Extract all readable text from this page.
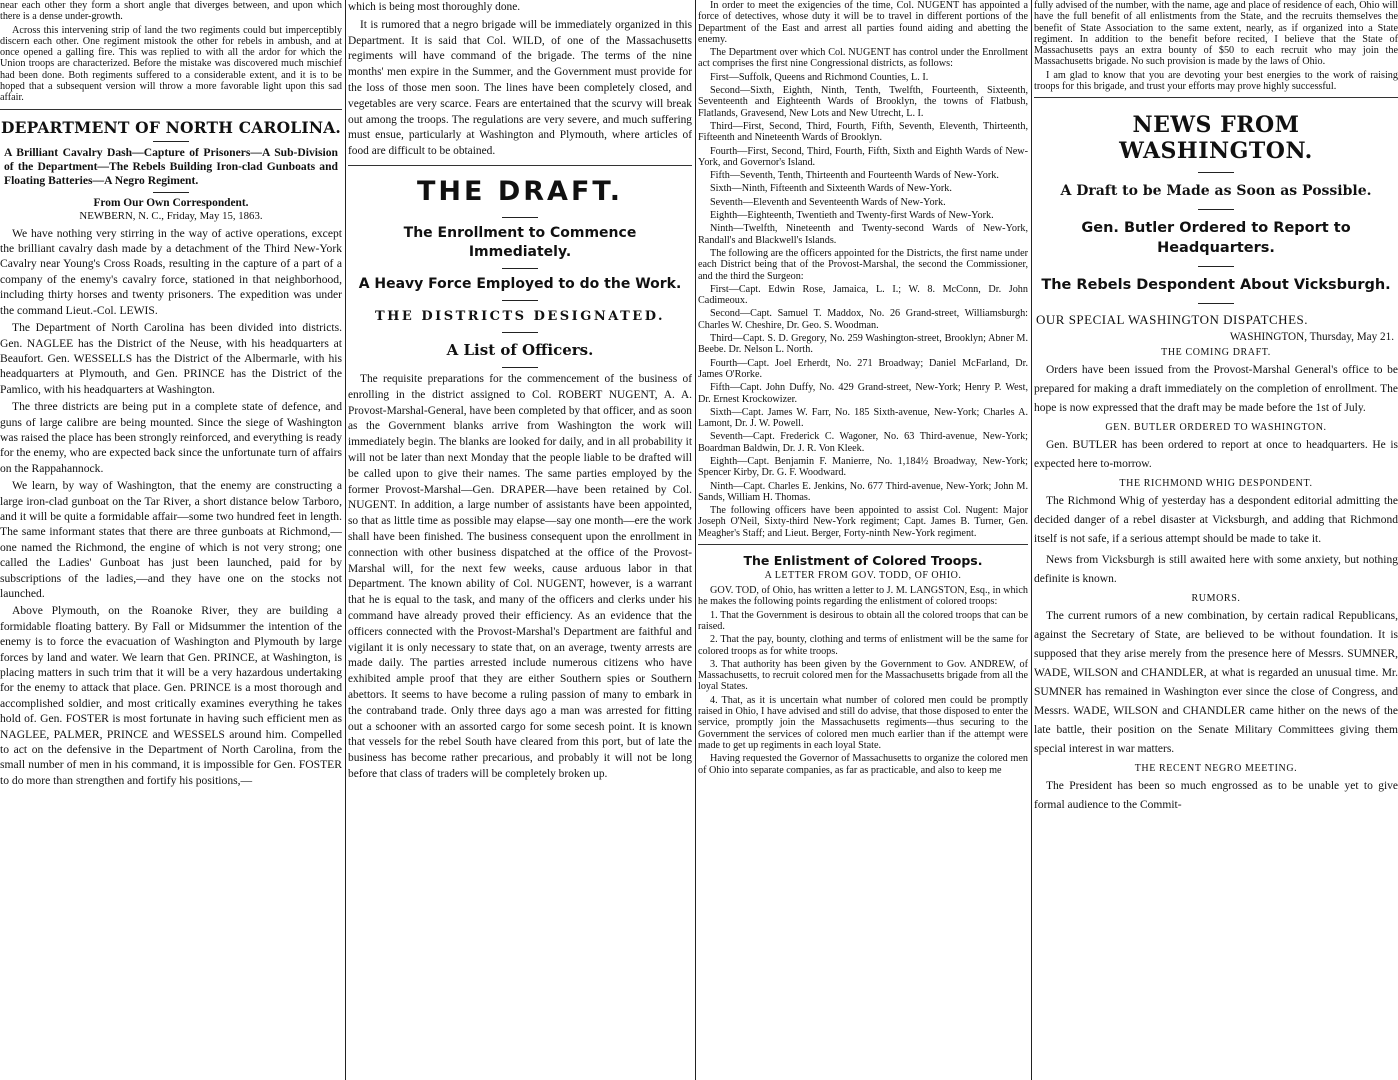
near each other they form a short angle that diverges between, and upon which there is a dense under-growth.

Across this intervening strip of land the two regiments could but imperceptibly discern each other. One regiment mistook the other for rebels in ambush, and at once opened a galling fire. This was replied to with all the ardor for which the Union troops are characterized. Before the mistake was discovered much mischief had been done. Both regiments suffered to a considerable extent, and it is to be hoped that a subsequent version will throw a more favorable light upon this sad affair.

DEPARTMENT OF NORTH CAROLINA.
A Brilliant Cavalry Dash—Capture of Prisoners—A Sub-Division of the Department—The Rebels Building Iron-clad Gunboats and Floating Batteries—A Negro Regiment.
From Our Own Correspondent.
NEWBERN, N. C., Friday, May 15, 1863.

We have nothing very stirring in the way of active operations, except the brilliant cavalry dash made by a detachment of the Third New-York Cavalry near Young's Cross Roads, resulting in the capture of a part of a company of the enemy's cavalry force, stationed in that neighborhood, including thirty horses and twenty prisoners. The expedition was under the command Lieut.-Col. LEWIS.

The Department of North Carolina has been divided into districts. Gen. NAGLEE has the District of the Neuse, with his headquarters at Beaufort. Gen. WESSELLS has the District of the Albermarle, with his headquarters at Plymouth, and Gen. PRINCE has the District of the Pamlico, with his headquarters at Washington.

The three districts are being put in a complete state of defence, and guns of large calibre are being mounted. Since the siege of Washington was raised the place has been strongly reinforced, and everything is ready for the enemy, who are expected back since the unfortunate turn of affairs on the Rappahannock.

We learn, by way of Washington, that the enemy are constructing a large iron-clad gunboat on the Tar River, a short distance below Tarboro, and it will be quite a formidable affair—some two hundred feet in length. The same informant states that there are three gunboats at Richmond,—one named the Richmond, the engine of which is not very strong; one called the Ladies' Gunboat has just been launched, paid for by subscriptions of the ladies,—and they have one on the stocks not launched.

Above Plymouth, on the Roanoke River, they are building a formidable floating battery. By Fall or Midsummer the intention of the enemy is to force the evacuation of Washington and Plymouth by large forces by land and water. We learn that Gen. PRINCE, at Washington, is placing matters in such trim that it will be a very hazardous undertaking for the enemy to attack that place. Gen. PRINCE is a most thorough and accomplished soldier, and most critically examines everything he takes hold of. Gen. FOSTER is most fortunate in having such efficient men as NAGLEE, PALMER, PRINCE and WESSELS around him. Compelled to act on the defensive in the Department of North Carolina, from the small number of men in his command, it is impossible for Gen. FOSTER to do more than strengthen and fortify his positions,—

which is being most thoroughly done.

It is rumored that a negro brigade will be immediately organized in this Department. It is said that Col. WILD, of one of the Massachusetts regiments will have command of the brigade. The terms of the nine months' men expire in the Summer, and the Government must provide for the loss of those men soon. The lines have been completely closed, and vegetables are very scarce. Fears are entertained that the scurvy will break out among the troops. The regulations are very severe, and much suffering must ensue, particularly at Washington and Plymouth, where articles of food are difficult to be obtained.

THE DRAFT.
The Enrollment to Commence Immediately.
A Heavy Force Employed to do the Work.
THE DISTRICTS DESIGNATED.
A List of Officers.

The requisite preparations for the commencement of the business of enrolling in the district assigned to Col. ROBERT NUGENT, A. A. Provost-Marshal-General, have been completed by that officer, and as soon as the Government blanks arrive from Washington the work will immediately begin. The blanks are looked for daily, and in all probability it will not be later than next Monday that the people liable to be drafted will be called upon to give their names. The same parties employed by the former Provost-Marshal—Gen. DRAPER—have been retained by Col. NUGENT. In addition, a large number of assistants have been appointed, so that as little time as possible may elapse—say one month—ere the work shall have been finished. The business consequent upon the enrollment in connection with other business dispatched at the office of the Provost-Marshal will, for the next few weeks, cause arduous labor in that Department. The known ability of Col. NUGENT, however, is a warrant that he is equal to the task, and many of the officers and clerks under his command have already proved their efficiency. As an evidence that the officers connected with the Provost-Marshal's Department are faithful and vigilant it is only necessary to state that, on an average, twenty arrests are made daily. The parties arrested include numerous citizens who have exhibited ample proof that they are either Southern spies or Southern abettors. It seems to have become a ruling passion of many to embark in the contraband trade. Only three days ago a man was arrested for fitting out a schooner with an assorted cargo for some secesh point. It is known that vessels for the rebel South have cleared from this port, but of late the business has become rather precarious, and probably it will not be long before that class of traders will be completely broken up.

In order to meet the exigencies of the time, Col. NUGENT has appointed a force of detectives, whose duty it will be to travel in different portions of the Department of the East and arrest all parties found aiding and abetting the enemy.

The Department over which Col. NUGENT has control under the Enrollment act comprises the first nine Congressional districts, as follows:

First—Suffolk, Queens and Richmond Counties, L. I.

Second—Sixth, Eighth, Ninth, Tenth, Twelfth, Fourteenth, Sixteenth, Seventeenth and Eighteenth Wards of Brooklyn, the towns of Flatbush, Flatlands, Gravesend, New Lots and New Utrecht, L. I.

Third—First, Second, Third, Fourth, Fifth, Seventh, Eleventh, Thirteenth, Fifteenth and Nineteenth Wards of Brooklyn.

Fourth—First, Second, Third, Fourth, Fifth, Sixth and Eighth Wards of New-York, and Governor's Island.

Fifth—Seventh, Tenth, Thirteenth and Fourteenth Wards of New-York.

Sixth—Ninth, Fifteenth and Sixteenth Wards of New-York.

Seventh—Eleventh and Seventeenth Wards of New-York.

Eighth—Eighteenth, Twentieth and Twenty-first Wards of New-York.

Ninth—Twelfth, Nineteenth and Twenty-second Wards of New-York, Randall's and Blackwell's Islands.

The following are the officers appointed for the Districts, the first name under each District being that of the Provost-Marshal, the second the Commissioner, and the third the Surgeon:

First—Capt. Edwin Rose, Jamaica, L. I.; W. 8. McConn, Dr. John Cadimeoux.

Second—Capt. Samuel T. Maddox, No. 26 Grand-street, Williamsburgh: Charles W. Cheshire, Dr. Geo. S. Woodman.

Third—Capt. S. D. Gregory, No. 259 Washington-street, Brooklyn; Abner M. Beebe. Dr. Nelson L. North.

Fourth—Capt. Joel Erherdt, No. 271 Broadway; Daniel McFarland, Dr. James O'Rorke.

Fifth—Capt. John Duffy, No. 429 Grand-street, New-York; Henry P. West, Dr. Ernest Krockowizer.

Sixth—Capt. James W. Farr, No. 185 Sixth-avenue, New-York; Charles A. Lamont, Dr. J. W. Powell.

Seventh—Capt. Frederick C. Wagoner, No. 63 Third-avenue, New-York; Boardman Baldwin, Dr. J. R. Von Kleek.

Eighth—Capt. Benjamin F. Manierre, No. 1,184½ Broadway, New-York; Spencer Kirby, Dr. G. F. Woodward.

Ninth—Capt. Charles E. Jenkins, No. 677 Third-avenue, New-York; John M. Sands, William H. Thomas.

The following officers have been appointed to assist Col. Nugent: Major Joseph O'Neil, Sixty-third New-York regiment; Capt. James B. Turner, Gen. Meagher's Staff; and Lieut. Berger, Forty-ninth New-York regiment.

The Enlistment of Colored Troops.
A LETTER FROM GOV. TODD, OF OHIO.

GOV. TOD, of Ohio, has written a letter to J. M. LANGSTON, Esq., in which he makes the following points regarding the enlistment of colored troops:

1. That the Government is desirous to obtain all the colored troops that can be raised.

2. That the pay, bounty, clothing and terms of enlistment will be the same for colored troops as for white troops.

3. That authority has been given by the Government to Gov. ANDREW, of Massachusetts, to recruit colored men for the Massachusetts brigade from all the loyal States.

4. That, as it is uncertain what number of colored men could be promptly raised in Ohio, I have advised and still do advise, that those disposed to enter the service, promptly join the Massachusetts regiments—thus securing to the Government the services of colored men much earlier than if the attempt were made to get up regiments in each loyal State.

Having requested the Governor of Massachusetts to organize the colored men of Ohio into separate companies, as far as practicable, and also to keep me

fully advised of the number, with the name, age and place of residence of each, Ohio will have the full benefit of all enlistments from the State, and the recruits themselves the benefit of State Association to the same extent, nearly, as if organized into a State regiment. In addition to the benefit before recited, I believe that the State of Massachusetts pays an extra bounty of $50 to each recruit who may join the Massachusetts brigade. No such provision is made by the laws of Ohio.

I am glad to know that you are devoting your best energies to the work of raising troops for this brigade, and trust your efforts may prove highly successful.

NEWS FROM WASHINGTON.
A Draft to be Made as Soon as Possible.
Gen. Butler Ordered to Report to Headquarters.
The Rebels Despondent About Vicksburgh.
OUR SPECIAL WASHINGTON DISPATCHES.
WASHINGTON, Thursday, May 21.
THE COMING DRAFT.

Orders have been issued from the Provost-Marshal General's office to be prepared for making a draft immediately on the completion of enrollment. The hope is now expressed that the draft may be made before the 1st of July.

GEN. BUTLER ORDERED TO WASHINGTON.

Gen. BUTLER has been ordered to report at once to headquarters. He is expected here to-morrow.

THE RICHMOND WHIG DESPONDENT.

The Richmond Whig of yesterday has a despondent editorial admitting the decided danger of a rebel disaster at Vicksburgh, and adding that Richmond itself is not safe, if a serious attempt should be made to take it.

News from Vicksburgh is still awaited here with some anxiety, but nothing definite is known.

RUMORS.

The current rumors of a new combination, by certain radical Republicans, against the Secretary of State, are believed to be without foundation. It is supposed that they arise merely from the presence here of Messrs. SUMNER, WADE, WILSON and CHANDLER, at what is regarded an unusual time. Mr. SUMNER has remained in Washington ever since the close of Congress, and Messrs. WADE, WILSON and CHANDLER came hither on the news of the late battle, their position on the Senate Military Committees giving them special interest in war matters.

THE RECENT NEGRO MEETING.

The President has been so much engrossed as to be unable yet to give formal audience to the Commit-
